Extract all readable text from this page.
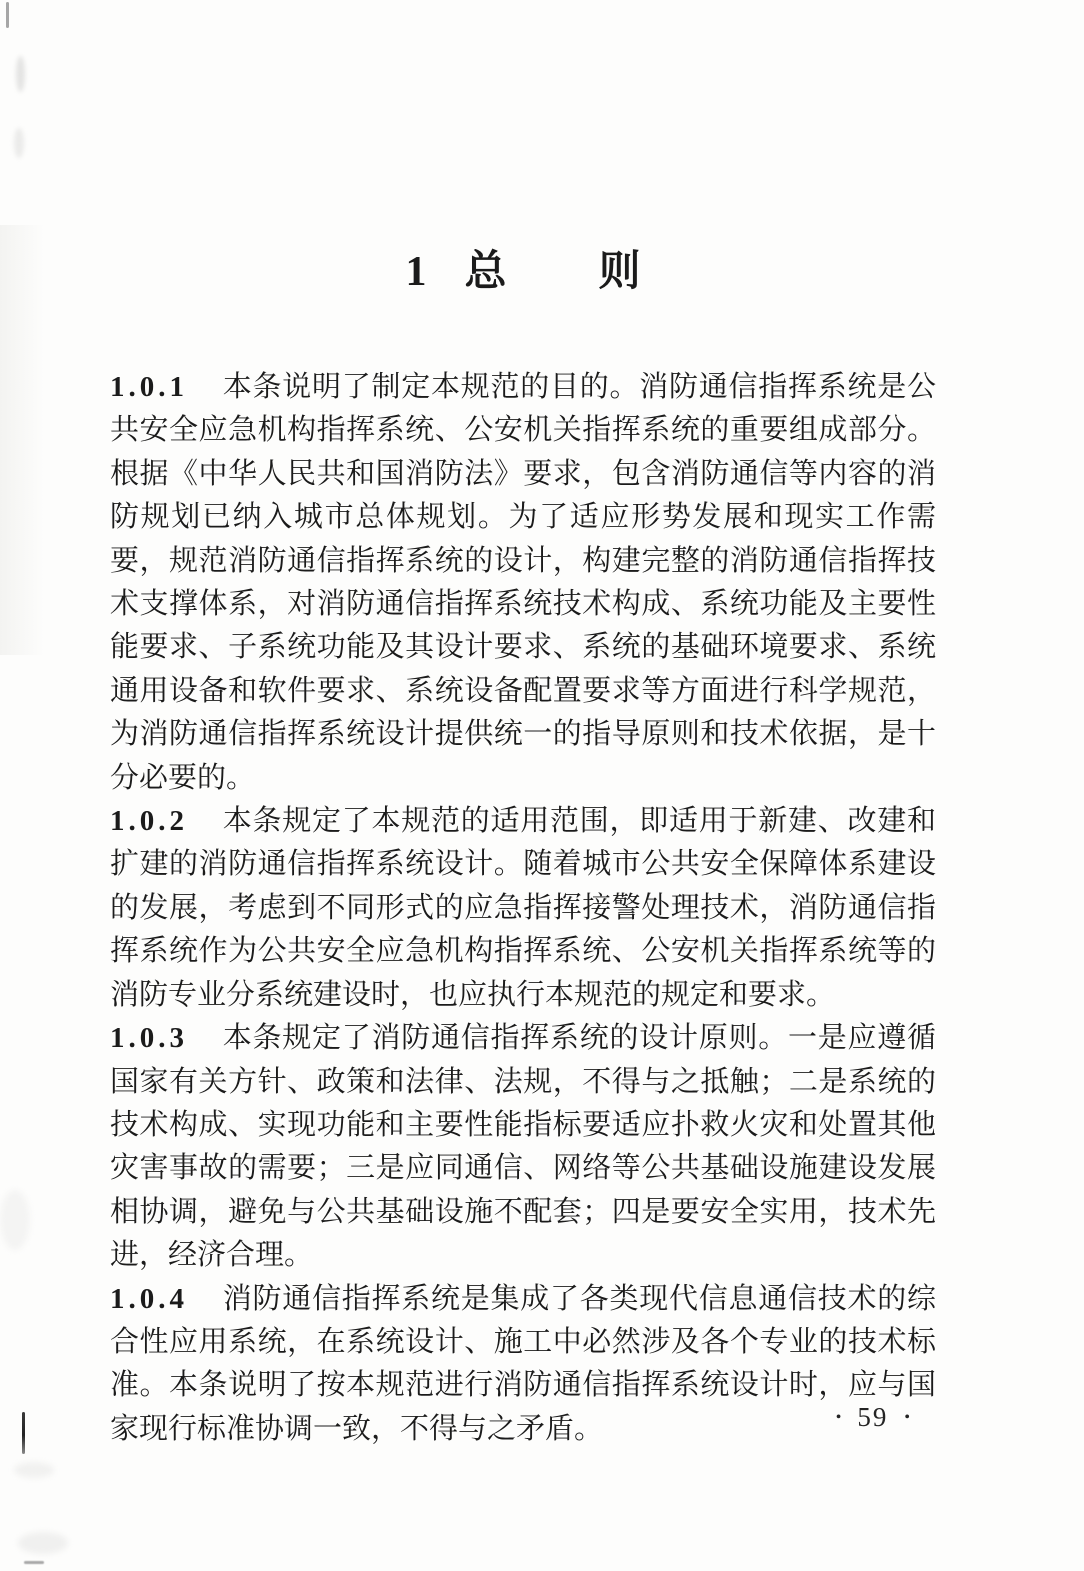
1 总 则

1.0.1 本条说明了制定本规范的目的。消防通信指挥系统是公共安全应急机构指挥系统、公安机关指挥系统的重要组成部分。根据《中华人民共和国消防法》要求，包含消防通信等内容的消防规划已纳入城市总体规划。为了适应形势发展和现实工作需要，规范消防通信指挥系统的设计，构建完整的消防通信指挥技术支撑体系，对消防通信指挥系统技术构成、系统功能及主要性能要求、子系统功能及其设计要求、系统的基础环境要求、系统通用设备和软件要求、系统设备配置要求等方面进行科学规范，为消防通信指挥系统设计提供统一的指导原则和技术依据，是十分必要的。

1.0.2 本条规定了本规范的适用范围，即适用于新建、改建和扩建的消防通信指挥系统设计。随着城市公共安全保障体系建设的发展，考虑到不同形式的应急指挥接警处理技术，消防通信指挥系统作为公共安全应急机构指挥系统、公安机关指挥系统等的消防专业分系统建设时，也应执行本规范的规定和要求。

1.0.3 本条规定了消防通信指挥系统的设计原则。一是应遵循国家有关方针、政策和法律、法规，不得与之抵触；二是系统的技术构成、实现功能和主要性能指标要适应扑救火灾和处置其他灾害事故的需要；三是应同通信、网络等公共基础设施建设发展相协调，避免与公共基础设施不配套；四是要安全实用，技术先进，经济合理。

1.0.4 消防通信指挥系统是集成了各类现代信息通信技术的综合性应用系统，在系统设计、施工中必然涉及各个专业的技术标准。本条说明了按本规范进行消防通信指挥系统设计时，应与国家现行标准协调一致，不得与之矛盾。	• 59 •
